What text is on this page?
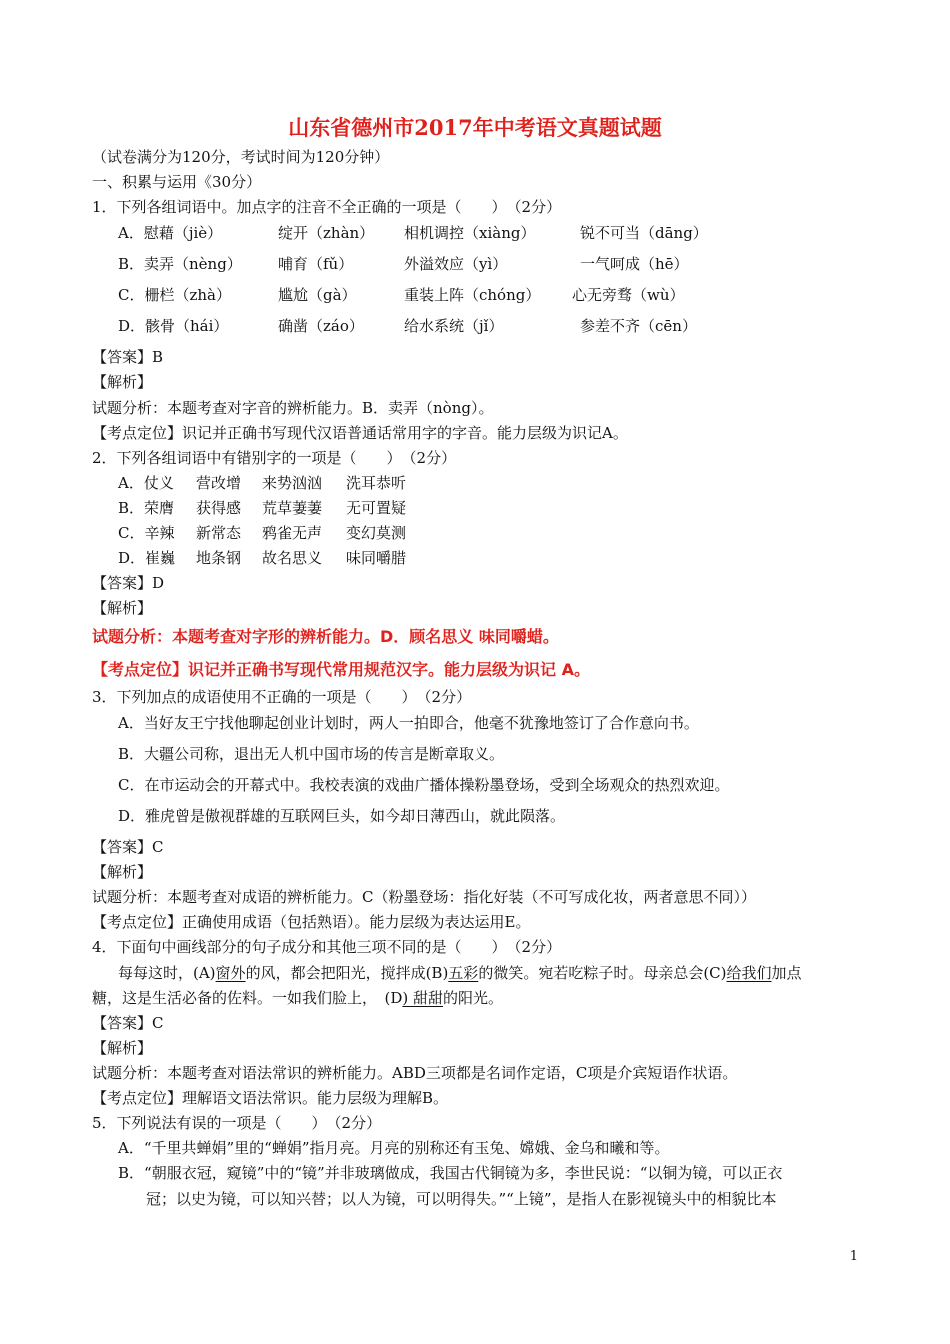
山东省德州市2017年中考语文真题试题
（试卷满分为120分，考试时间为120分钟）
一、积累与运用《30分）
1．下列各组词语中。加点字的注音不全正确的一项是（　　）　（2分）
A．慰藉（jiè）	绽开（zhàn） 相机调控（xiàng）	锐不可当（dāng）
B．卖弄（nèng） 哺育（fǔ）	外溢效应（yì）	一气呵成（hē）
C．栅栏（zhà）	尴尬（gà）	重装上阵（chóng） 心无旁骛（wù）
D．骸骨（hái）	确凿（záo）	给水系统（jǐ）	参差不齐（cēn）
【答案】B
【解析】
试题分析：本题考查对字音的辨析能力。B．卖弄（nòng）。
【考点定位】识记并正确书写现代汉语普通话常用字的字音。能力层级为识记A。
2．下列各组词语中有错别字的一项是（　　）　（2分）
A．仗义 营改增 来势汹汹 洗耳恭听
B．荣膺 获得感 荒草萋萋 无可置疑
C．辛辣 新常态 鸦雀无声 变幻莫测
D．崔巍 地条钢 故名思义 味同嚼腊
【答案】D
【解析】
试题分析：本题考查对字形的辨析能力。D．顾名思义 味同嚼蜡。
【考点定位】识记并正确书写现代常用规范汉字。能力层级为识记 A。
3．下列加点的成语使用不正确的一项是（　　）　（2分）
A．当好友王宁找他聊起创业计划时，两人一拍即合，他毫不犹豫地签订了合作意向书。
B．大疆公司称，退出无人机中国市场的传言是断章取义。
C．在市运动会的开幕式中。我校表演的戏曲广播体操粉墨登场，受到全场观众的热烈欢迎。
D．雅虎曾是傲视群雄的互联网巨头，如今却日薄西山，就此陨落。
【答案】C
【解析】
试题分析：本题考查对成语的辨析能力。C（粉墨登场：指化好装（不可写成化妆，两者意思不同））
【考点定位】正确使用成语（包括熟语）。能力层级为表达运用E。
4．下面句中画线部分的句子成分和其他三项不同的是（　　）　（2分）
每每这时，(A)窗外的风，都会把阳光，搅拌成(B)五彩的微笑。宛若吃粽子时。母亲总会(C)给我们加点
糖，这是生活必备的佐料。一如我们脸上，　(D) 甜甜的阳光。
【答案】C
【解析】
试题分析：本题考查对语法常识的辨析能力。ABD三项都是名词作定语，C项是介宾短语作状语。
【考点定位】理解语文语法常识。能力层级为理解B。
5．下列说法有误的一项是（　　）　（2分）
A．“千里共蝉娟”里的“蝉娟”指月亮。月亮的别称还有玉兔、嫦娥、金乌和曦和等。
B．“朝服衣冠，窥镜”中的“镜”并非玻璃做成，我国古代铜镜为多，李世民说：“以铜为镜，可以正衣
冠；以史为镜，可以知兴替；以人为镜，可以明得失。”“上镜”，是指人在影视镜头中的相貌比本
1
